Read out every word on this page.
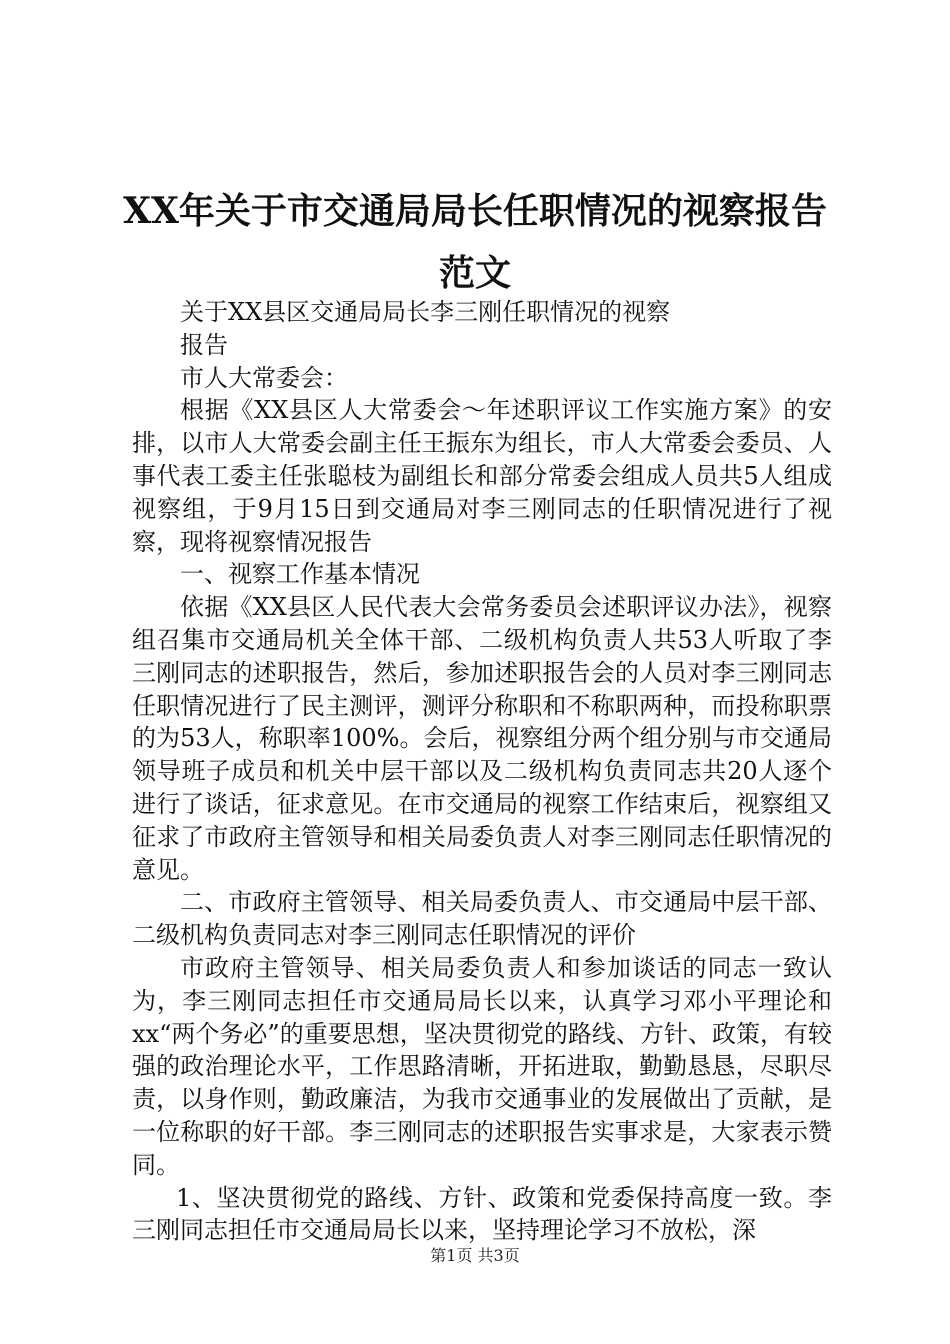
XX年关于市交通局局长任职情况的视察报告范文

关于XX县区交通局局长李三刚任职情况的视察

报告

市人大常委会：

根据《XX县区人大常委会～年述职评议工作实施方案》的安排，以市人大常委会副主任王振东为组长，市人大常委会委员、人事代表工委主任张聪枝为副组长和部分常委会组成人员共5人组成视察组，于9月15日到交通局对李三刚同志的任职情况进行了视察，现将视察情况报告

一、视察工作基本情况

依据《XX县区人民代表大会常务委员会述职评议办法》，视察组召集市交通局机关全体干部、二级机构负责人共53人听取了李三刚同志的述职报告，然后，参加述职报告会的人员对李三刚同志任职情况进行了民主测评，测评分称职和不称职两种，而投称职票的为53人，称职率100%。会后，视察组分两个组分别与市交通局领导班子成员和机关中层干部以及二级机构负责同志共20人逐个进行了谈话，征求意见。在市交通局的视察工作结束后，视察组又征求了市政府主管领导和相关局委负责人对李三刚同志任职情况的意见。

二、市政府主管领导、相关局委负责人、市交通局中层干部、二级机构负责同志对李三刚同志任职情况的评价

市政府主管领导、相关局委负责人和参加谈话的同志一致认为，李三刚同志担任市交通局局长以来，认真学习邓小平理论和xx“两个务必”的重要思想，坚决贯彻党的路线、方针、政策，有较强的政治理论水平，工作思路清晰，开拓进取，勤勤恳恳，尽职尽责，以身作则，勤政廉洁，为我市交通事业的发展做出了贡献，是一位称职的好干部。李三刚同志的述职报告实事求是，大家表示赞同。

1、坚决贯彻党的路线、方针、政策和党委保持高度一致。李三刚同志担任市交通局局长以来，坚持理论学习不放松，深

第1页 共3页
